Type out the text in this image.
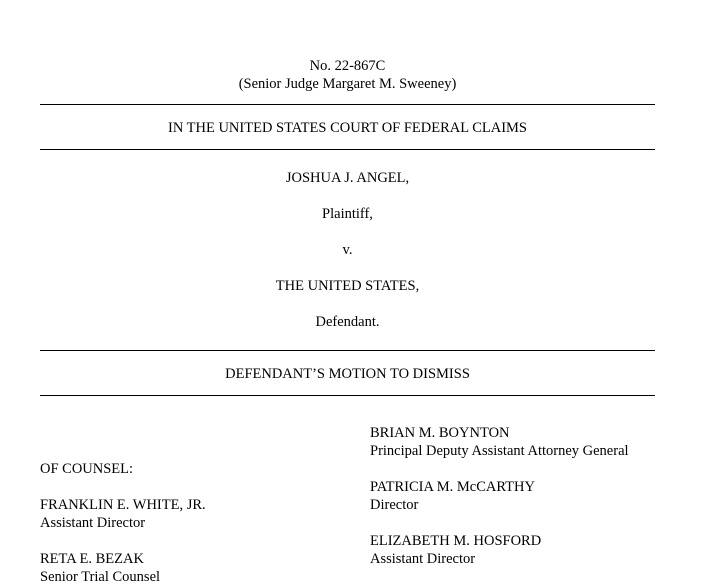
No. 22-867C
(Senior Judge Margaret M. Sweeney)
IN THE UNITED STATES COURT OF FEDERAL CLAIMS
JOSHUA J. ANGEL,
Plaintiff,
v.
THE UNITED STATES,
Defendant.
DEFENDANT’S MOTION TO DISMISS
OF COUNSEL:
FRANKLIN E. WHITE, JR.
Assistant Director
RETA E. BEZAK
Senior Trial Counsel
BRIAN M. BOYNTON
Principal Deputy Assistant Attorney General
PATRICIA M. McCARTHY
Director
ELIZABETH M. HOSFORD
Assistant Director
